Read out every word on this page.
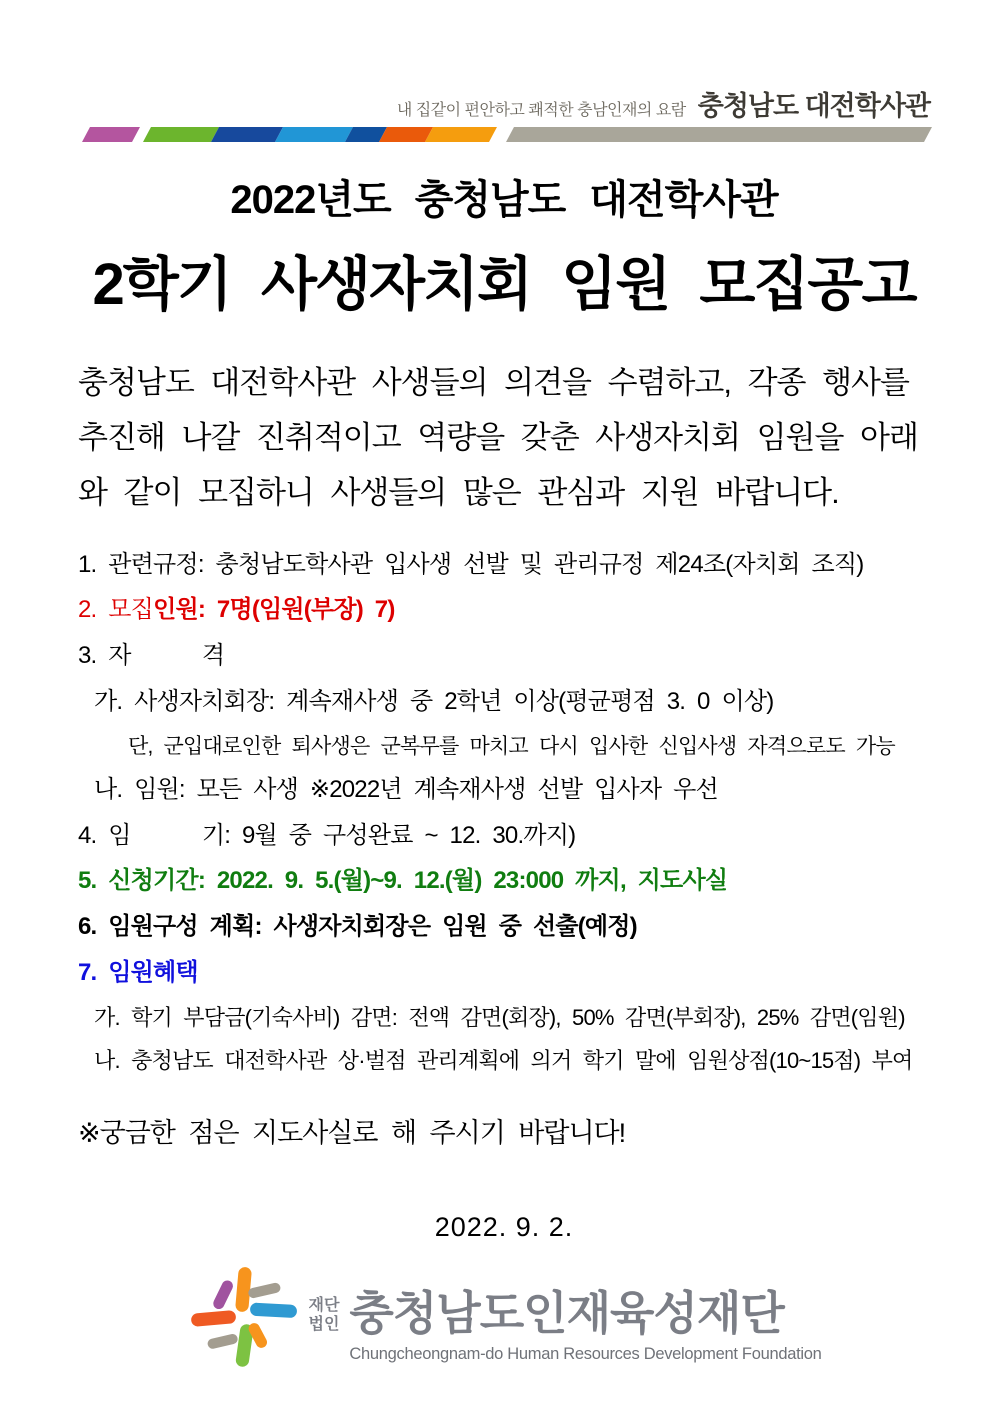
내 집같이 편안하고 쾌적한 충남인재의 요람 충청남도 대전학사관
2022년도 충청남도 대전학사관
2학기 사생자치회 임원 모집공고
충청남도 대전학사관 사생들의 의견을 수렴하고, 각종 행사를 추진해 나갈 진취적이고 역량을 갖춘 사생자치회 임원을 아래와 같이 모집하니 사생들의 많은 관심과 지원 바랍니다.
1. 관련규정: 충청남도학사관 입사생 선발 및 관리규정 제24조(자치회 조직)
2. 모집인원: 7명(임원(부장) 7)
3. 자      격
가. 사생자치회장: 계속재사생 중 2학년 이상(평균평점 3. 0 이상)
단, 군입대로인한 퇴사생은 군복무를 마치고 다시 입사한 신입사생 자격으로도 가능
나. 임원: 모든 사생 ※2022년 계속재사생 선발 입사자 우선
4. 임      기: 9월 중 구성완료 ~ 12. 30.까지)
5. 신청기간: 2022. 9. 5.(월)~9. 12.(월) 23:000 까지, 지도사실
6. 임원구성 계획: 사생자치회장은 임원 중 선출(예정)
7. 임원혜택
가. 학기 부담금(기숙사비) 감면: 전액 감면(회장), 50% 감면(부회장), 25% 감면(임원)
나. 충청남도 대전학사관 상·벌점 관리계획에 의거 학기 말에 임원상점(10~15점) 부여
※궁금한 점은 지도사실로 해 주시기 바랍니다!
2022. 9. 2.
재단
법인 충청남도인재육성재단
Chungcheongnam-do Human Resources Development Foundation
